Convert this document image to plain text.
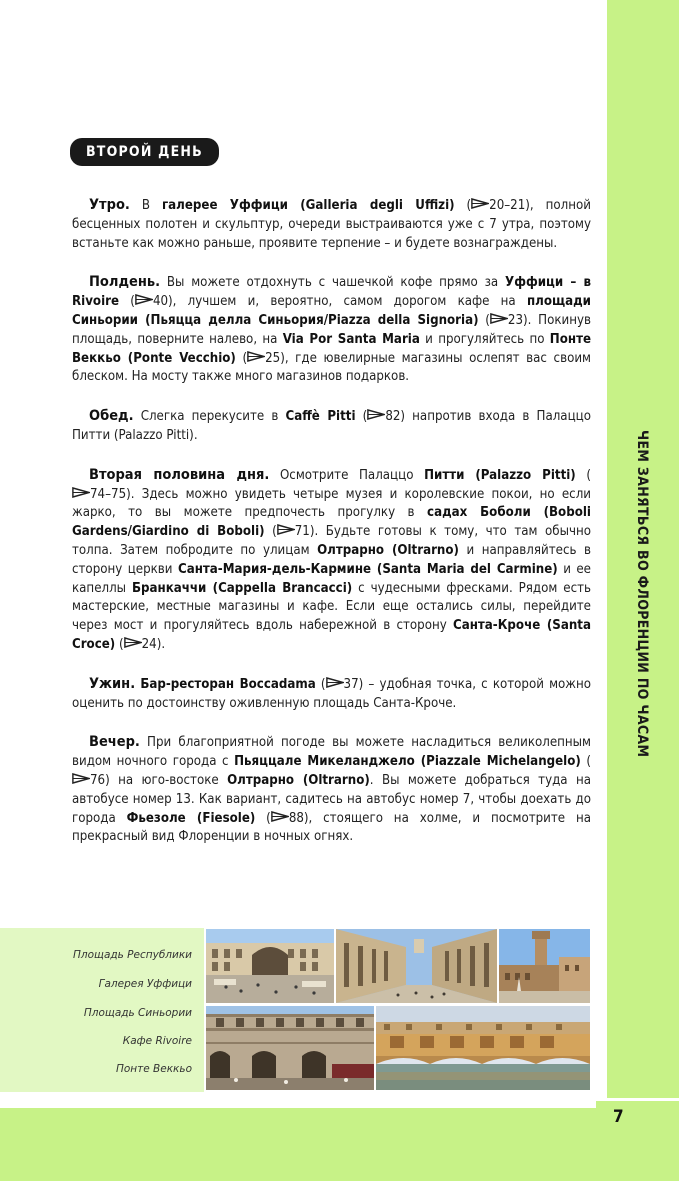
ЧЕМ ЗАНЯТЬСЯ ВО ФЛОРЕНЦИИ ПО ЧАСАМ
ВТОРОЙ ДЕНЬ

Утро. В галерее Уффици (Galleria degli Uffizi) ( 20–21), полной бесценных полотен и скульптур, очереди выстраиваются уже с 7 утра, поэтому встаньте как можно раньше, проявите терпение – и будете вознаграждены.

Полдень. Вы можете отдохнуть с чашечкой кофе прямо за Уффици – в Rivoire ( 40), лучшем и, вероятно, самом дорогом кафе на площади Синьории (Пьяцца делла Синьория/Piazza della Signoria) ( 23). Покинув площадь, поверните налево, на Via Por Santa Maria и прогуляйтесь по Понте Веккьо (Ponte Vecchio) ( 25), где ювелирные магазины ослепят вас своим блеском. На мосту также много магазинов подарков.

Обед. Слегка перекусите в Caffè Pitti ( 82) напротив входа в Палаццо Питти (Palazzo Pitti).

Вторая половина дня. Осмотрите Палаццо Питти (Palazzo Pitti) (74–75). Здесь можно увидеть четыре музея и королевские покои, но если жарко, то вы можете предпочесть прогулку в садах Боболи (Boboli Gardens/Giardino di Boboli) ( 71). Будьте готовы к тому, что там обычно толпа. Затем побродите по улицам Олтрарно (Oltrarno) и направляйтесь в сторону церкви Санта-Мария-дель-Кармине (Santa Maria del Carmine) и ее капеллы Бранкаччи (Cappella Brancacci) с чудесными фресками. Рядом есть мастерские, местные магазины и кафе. Если еще остались силы, перейдите через мост и прогуляйтесь вдоль набережной в сторону Санта-Кроче (Santa Croce) ( 24).

Ужин. Бар-ресторан Boccadama ( 37) – удобная точка, с которой можно оценить по достоинству оживленную площадь Санта-Кроче.

Вечер. При благоприятной погоде вы можете насладиться великолепным видом ночного города с Пьяццале Микеланджело (Piazzale Michelangelo) (76) на юго-востоке Олтрарно (Oltrarno). Вы можете добраться туда на автобусе номер 13. Как вариант, садитесь на автобус номер 7, чтобы доехать до города Фьезоле (Fiesole) ( 88), стоящего на холме, и посмотрите на прекрасный вид Флоренции в ночных огнях.

Площадь Республики
Галерея Уффици
Площадь Синьории
Кафе Rivoire
Понте Веккьо
7
